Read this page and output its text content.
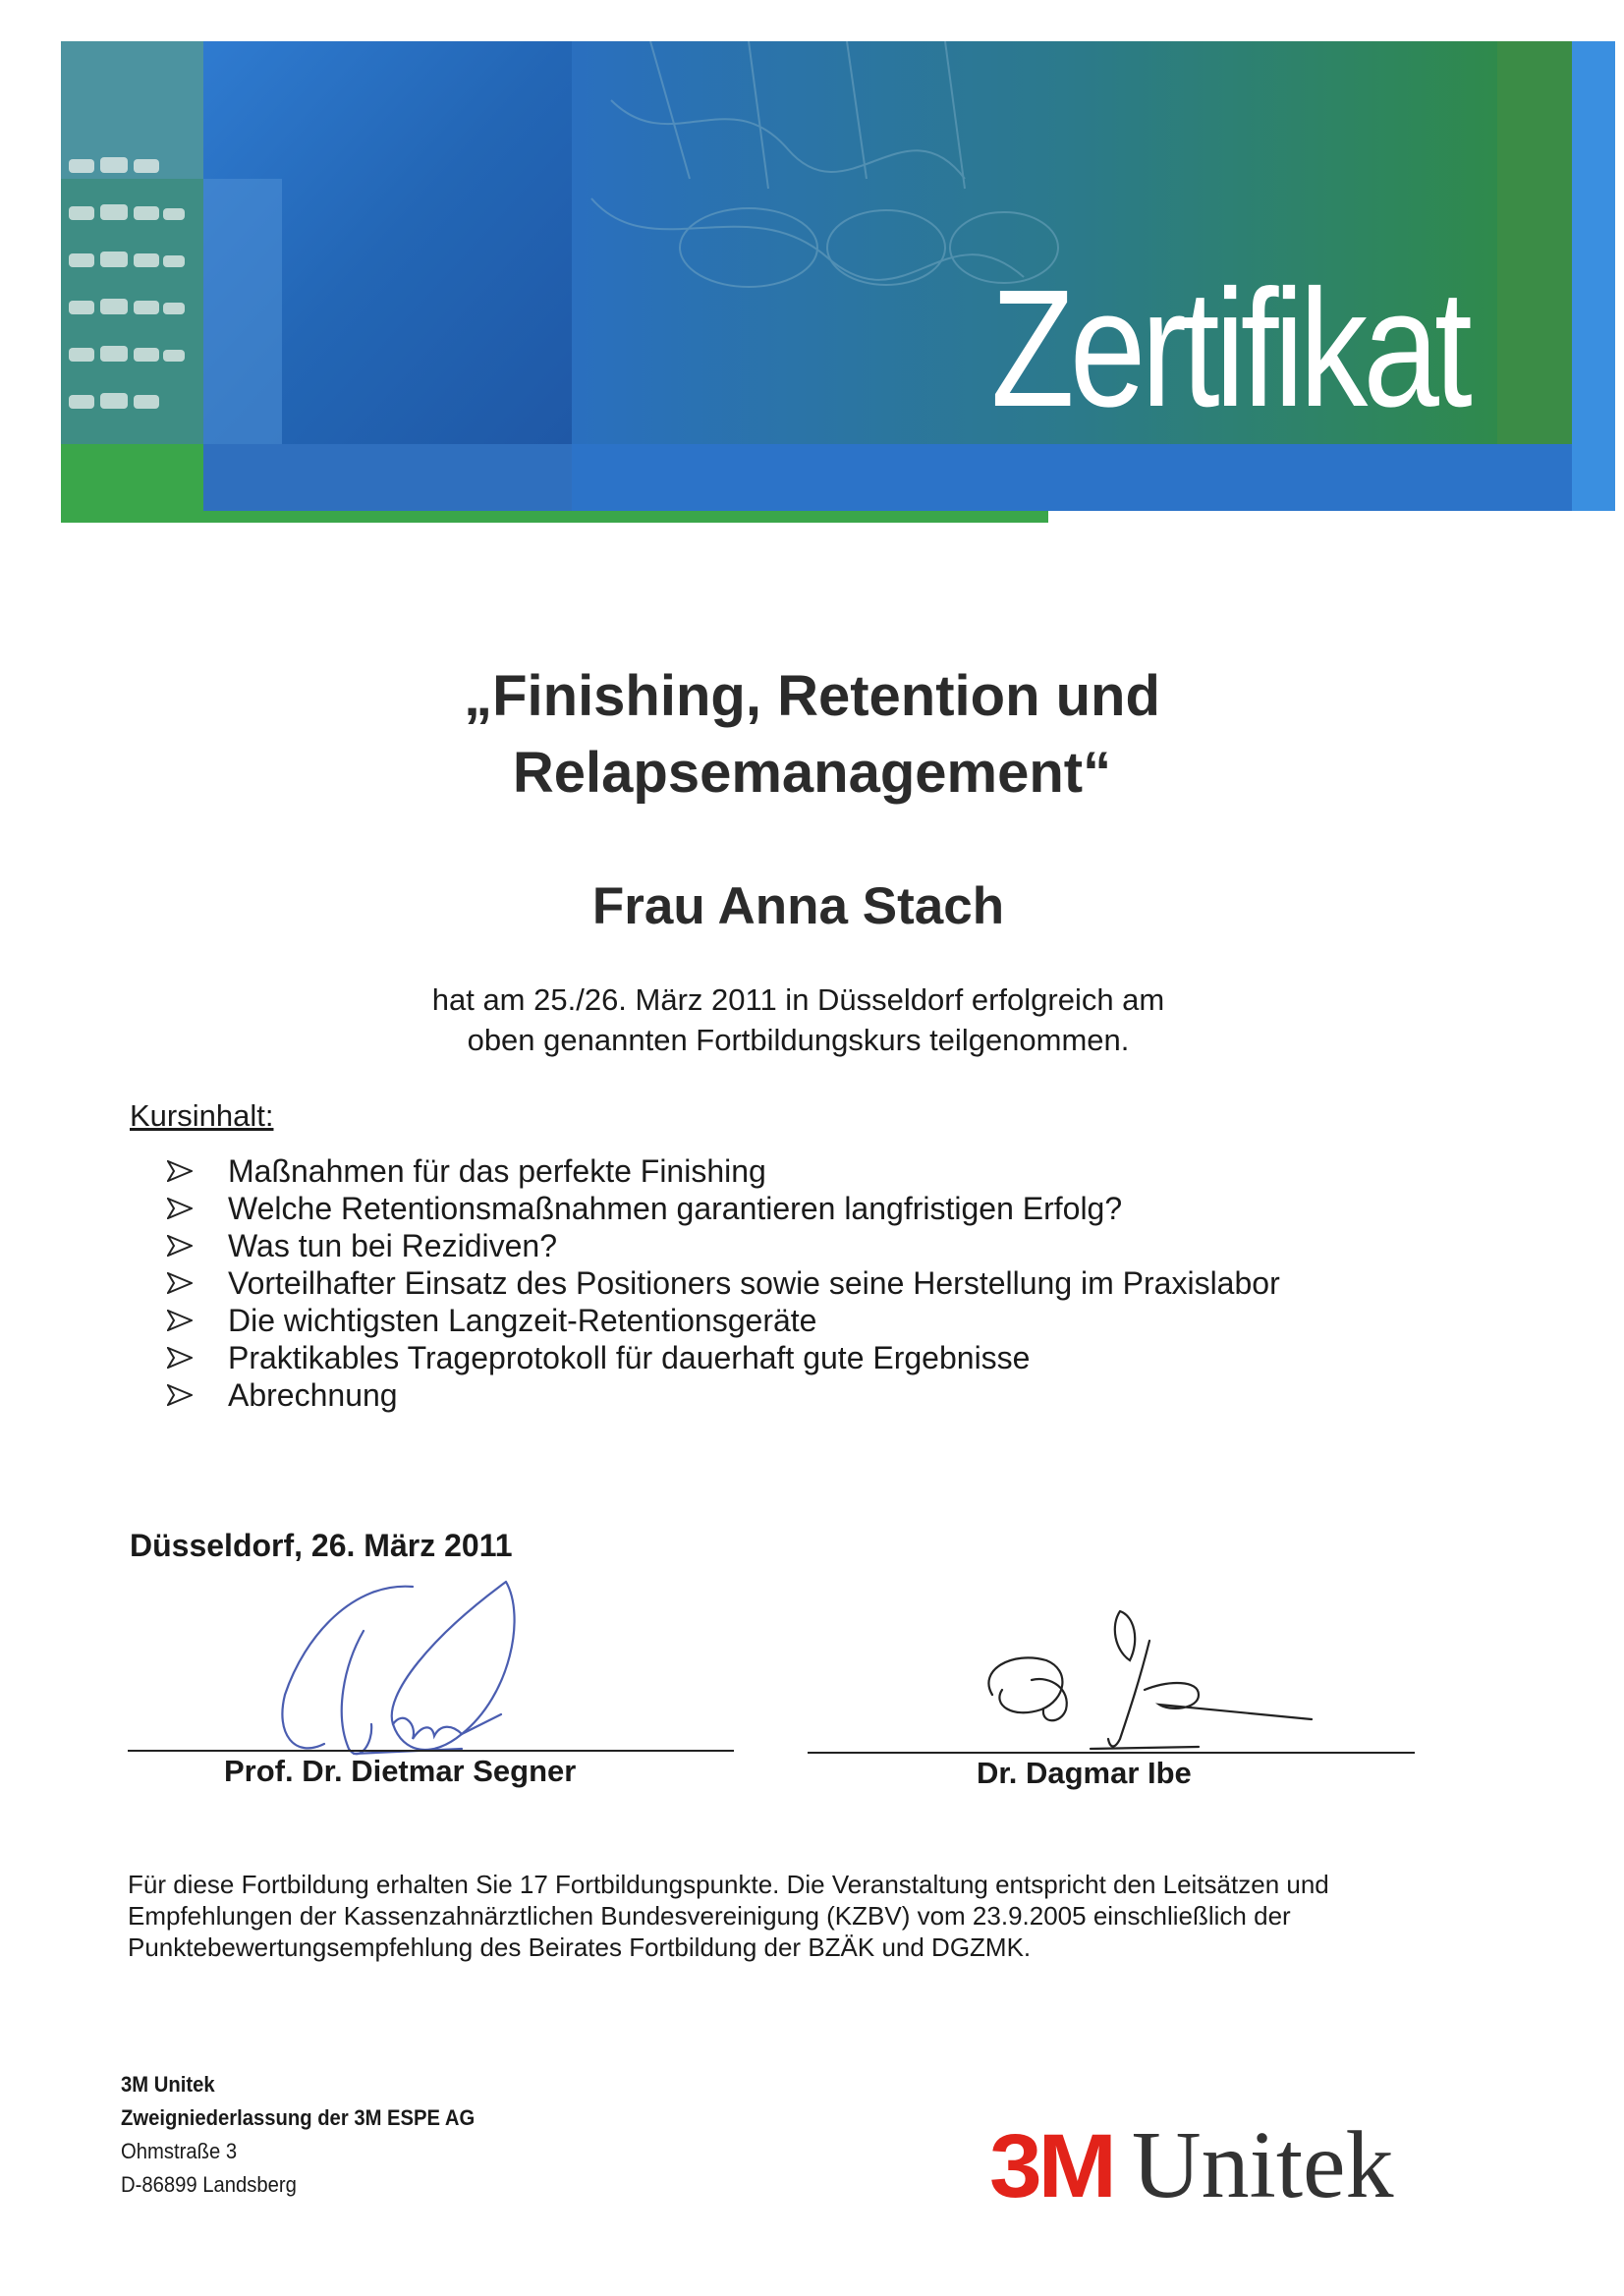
Zertifikat
„Finishing, Retention und
Relapsemanagement“

Frau Anna Stach

hat am 25./26. März 2011 in Düsseldorf erfolgreich am
oben genannten Fortbildungskurs teilgenommen.

Kursinhalt:

Maßnahmen für das perfekte Finishing
Welche Retentionsmaßnahmen garantieren langfristigen Erfolg?
Was tun bei Rezidiven?
Vorteilhafter Einsatz des Positioners sowie seine Herstellung im Praxislabor
Die wichtigsten Langzeit-Retentionsgeräte
Praktikables Trageprotokoll für dauerhaft gute Ergebnisse
Abrechnung

Düsseldorf, 26. März 2011

Prof. Dr. Dietmar Segner	Dr. Dagmar Ibe

Für diese Fortbildung erhalten Sie 17 Fortbildungspunkte. Die Veranstaltung entspricht den Leitsätzen und Empfehlungen der Kassenzahnärztlichen Bundesvereinigung (KZBV) vom 23.9.2005 einschließlich der Punktebewertungsempfehlung des Beirates Fortbildung der BZÄK und DGZMK.

3M Unitek
Zweigniederlassung der 3M ESPE AG
Ohmstraße 3
D-86899 Landsberg	3M Unitek
